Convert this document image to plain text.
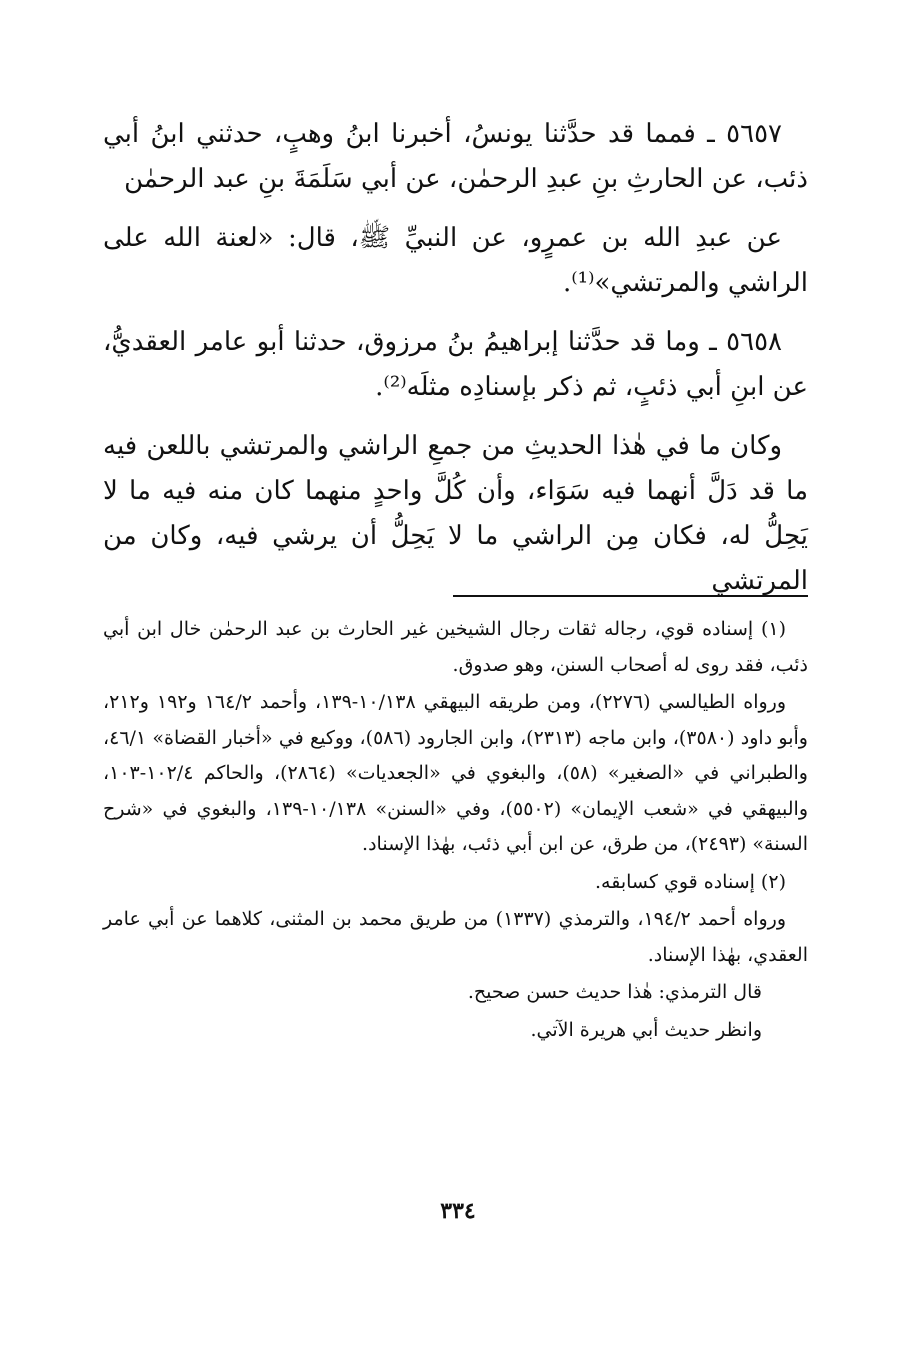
٥٦٥٧ ـ فمما قد حدَّثنا يونسُ، أخبرنا ابنُ وهبٍ، حدثني ابنُ أبي ذئب، عن الحارثِ بنِ عبدِ الرحمٰن، عن أبي سَلَمَةَ بنِ عبد الرحمٰن

عن عبدِ الله بن عمرٍو، عن النبيِّ ﷺ، قال: «لعنة الله على الراشي والمرتشي»⁽¹⁾.

٥٦٥٨ ـ وما قد حدَّثنا إبراهيمُ بنُ مرزوق، حدثنا أبو عامر العقديُّ، عن ابنِ أبي ذئبٍ، ثم ذكر بإسنادِه مثلَه⁽²⁾.

وكان ما في هٰذا الحديثِ من جمعِ الراشي والمرتشي باللعن فيه ما قد دَلَّ أنهما فيه سَوَاء، وأن كُلَّ واحدٍ منهما كان منه فيه ما لا يَحِلُّ له، فكان مِن الراشي ما لا يَحِلُّ أن يرشي فيه، وكان من المرتشي

(١) إسناده قوي، رجاله ثقات رجال الشيخين غير الحارث بن عبد الرحمٰن خال ابن أبي ذئب، فقد روى له أصحاب السنن، وهو صدوق.

ورواه الطيالسي (٢٢٧٦)، ومن طريقه البيهقي ١٠/١٣٨-١٣٩، وأحمد ١٦٤/٢ و١٩٢ و٢١٢، وأبو داود (٣٥٨٠)، وابن ماجه (٢٣١٣)، وابن الجارود (٥٨٦)، ووكيع في «أخبار القضاة» ٤٦/١، والطبراني في «الصغير» (٥٨)، والبغوي في «الجعديات» (٢٨٦٤)، والحاكم ١٠٢/٤-١٠٣، والبيهقي في «شعب الإيمان» (٥٥٠٢)، وفي «السنن» ١٠/١٣٨-١٣٩، والبغوي في «شرح السنة» (٢٤٩٣)، من طرق، عن ابن أبي ذئب، بهٰذا الإسناد.

(٢) إسناده قوي كسابقه.

ورواه أحمد ١٩٤/٢، والترمذي (١٣٣٧) من طريق محمد بن المثنى، كلاهما عن أبي عامر العقدي، بهٰذا الإسناد.

قال الترمذي: هٰذا حديث حسن صحيح.

وانظر حديث أبي هريرة الآتي.

٣٣٤
